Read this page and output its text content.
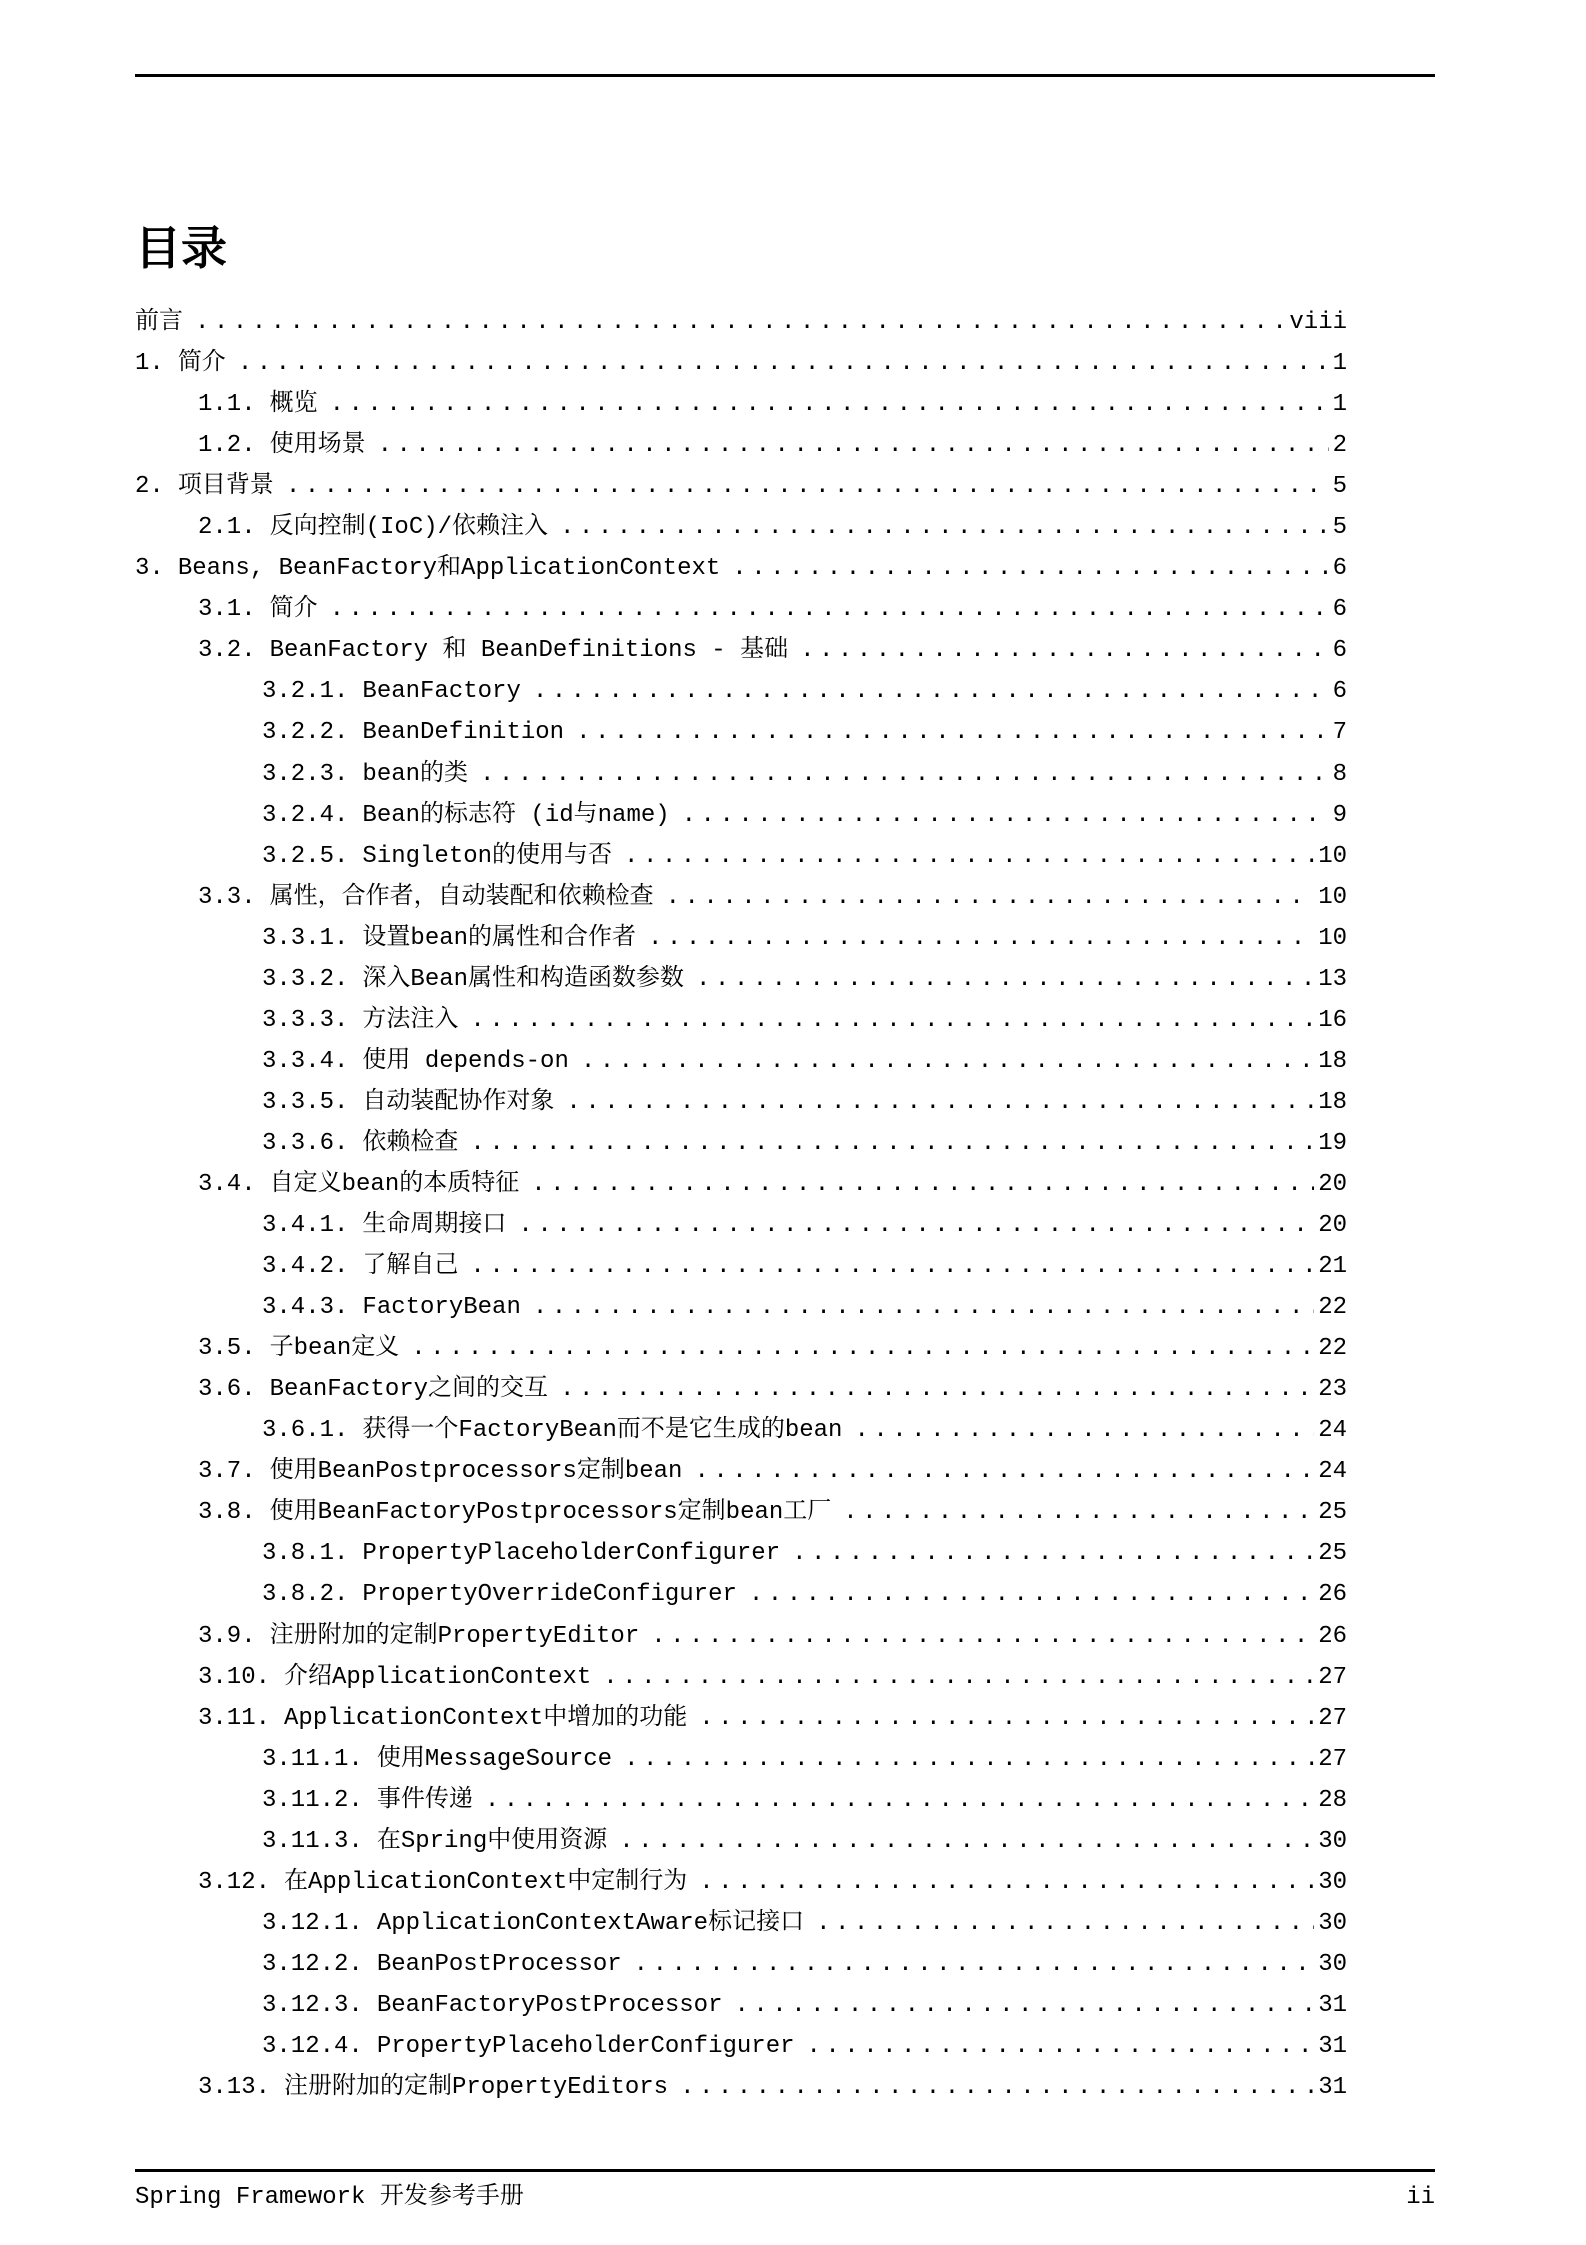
目录
前言 .....	viii
1. 简介 .....	1
1.1. 概览 .....	1
1.2. 使用场景 .....	2
2. 项目背景 .....	5
2.1. 反向控制(IoC)/依赖注入 .....	5
3. Beans, BeanFactory和ApplicationContext .....	6
3.1. 简介 .....	6
3.2. BeanFactory 和 BeanDefinitions - 基础 .....	6
3.2.1. BeanFactory .....	6
3.2.2. BeanDefinition .....	7
3.2.3. bean的类 .....	8
3.2.4. Bean的标志符 (id与name) .....	9
3.2.5. Singleton的使用与否 .....	10
3.3. 属性，合作者，自动装配和依赖检查 .....	10
3.3.1. 设置bean的属性和合作者 .....	10
3.3.2. 深入Bean属性和构造函数参数 .....	13
3.3.3. 方法注入 .....	16
3.3.4. 使用 depends-on .....	18
3.3.5. 自动装配协作对象 .....	18
3.3.6. 依赖检查 .....	19
3.4. 自定义bean的本质特征 .....	20
3.4.1. 生命周期接口 .....	20
3.4.2. 了解自己 .....	21
3.4.3. FactoryBean .....	22
3.5. 子bean定义 .....	22
3.6. BeanFactory之间的交互 .....	23
3.6.1. 获得一个FactoryBean而不是它生成的bean .....	24
3.7. 使用BeanPostprocessors定制bean .....	24
3.8. 使用BeanFactoryPostprocessors定制bean工厂 .....	25
3.8.1. PropertyPlaceholderConfigurer .....	25
3.8.2. PropertyOverrideConfigurer .....	26
3.9. 注册附加的定制PropertyEditor .....	26
3.10. 介绍ApplicationContext .....	27
3.11. ApplicationContext中增加的功能 .....	27
3.11.1. 使用MessageSource .....	27
3.11.2. 事件传递 .....	28
3.11.3. 在Spring中使用资源 .....	30
3.12. 在ApplicationContext中定制行为 .....	30
3.12.1. ApplicationContextAware标记接口 .....	30
3.12.2. BeanPostProcessor .....	30
3.12.3. BeanFactoryPostProcessor .....	31
3.12.4. PropertyPlaceholderConfigurer .....	31
3.13. 注册附加的定制PropertyEditors .....	31
Spring Framework 开发参考手册	ii
